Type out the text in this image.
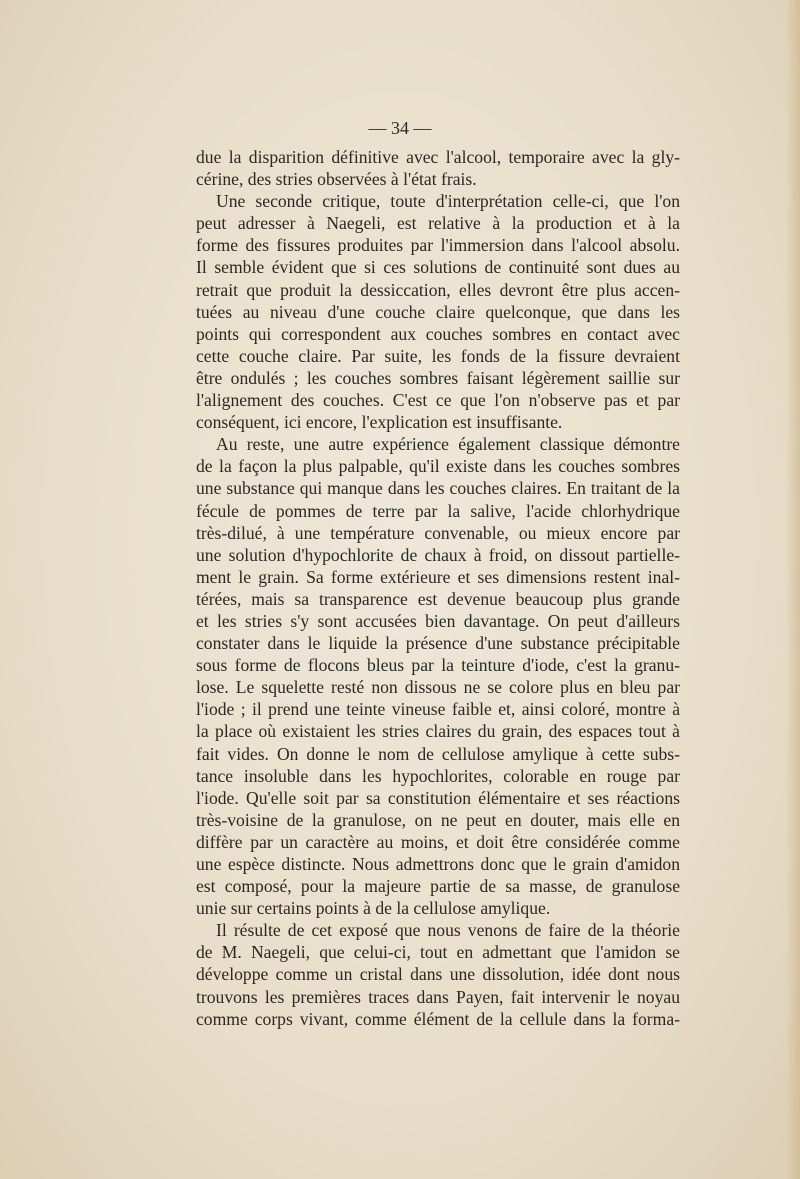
— 34 —
due la disparition définitive avec l'alcool, temporaire avec la gly-
cérine, des stries observées à l'état frais.
Une seconde critique, toute d'interprétation celle-ci, que l'on
peut adresser à Naegeli, est relative à la production et à la
forme des fissures produites par l'immersion dans l'alcool absolu.
Il semble évident que si ces solutions de continuité sont dues au
retrait que produit la dessiccation, elles devront être plus accen-
tuées au niveau d'une couche claire quelconque, que dans les
points qui correspondent aux couches sombres en contact avec
cette couche claire. Par suite, les fonds de la fissure devraient
être ondulés ; les couches sombres faisant légèrement saillie sur
l'alignement des couches. C'est ce que l'on n'observe pas et par
conséquent, ici encore, l'explication est insuffisante.
Au reste, une autre expérience également classique démontre
de la façon la plus palpable, qu'il existe dans les couches sombres
une substance qui manque dans les couches claires. En traitant de la
fécule de pommes de terre par la salive, l'acide chlorhydrique
très-dilué, à une température convenable, ou mieux encore par
une solution d'hypochlorite de chaux à froid, on dissout partielle-
ment le grain. Sa forme extérieure et ses dimensions restent inal-
térées, mais sa transparence est devenue beaucoup plus grande
et les stries s'y sont accusées bien davantage. On peut d'ailleurs
constater dans le liquide la présence d'une substance précipitable
sous forme de flocons bleus par la teinture d'iode, c'est la granu-
lose. Le squelette resté non dissous ne se colore plus en bleu par
l'iode ; il prend une teinte vineuse faible et, ainsi coloré, montre à
la place où existaient les stries claires du grain, des espaces tout à
fait vides. On donne le nom de cellulose amylique à cette subs-
tance insoluble dans les hypochlorites, colorable en rouge par
l'iode. Qu'elle soit par sa constitution élémentaire et ses réactions
très-voisine de la granulose, on ne peut en douter, mais elle en
diffère par un caractère au moins, et doit être considérée comme
une espèce distincte. Nous admettrons donc que le grain d'amidon
est composé, pour la majeure partie de sa masse, de granulose
unie sur certains points à de la cellulose amylique.
Il résulte de cet exposé que nous venons de faire de la théorie
de M. Naegeli, que celui-ci, tout en admettant que l'amidon se
développe comme un cristal dans une dissolution, idée dont nous
trouvons les premières traces dans Payen, fait intervenir le noyau
comme corps vivant, comme élément de la cellule dans la forma-
